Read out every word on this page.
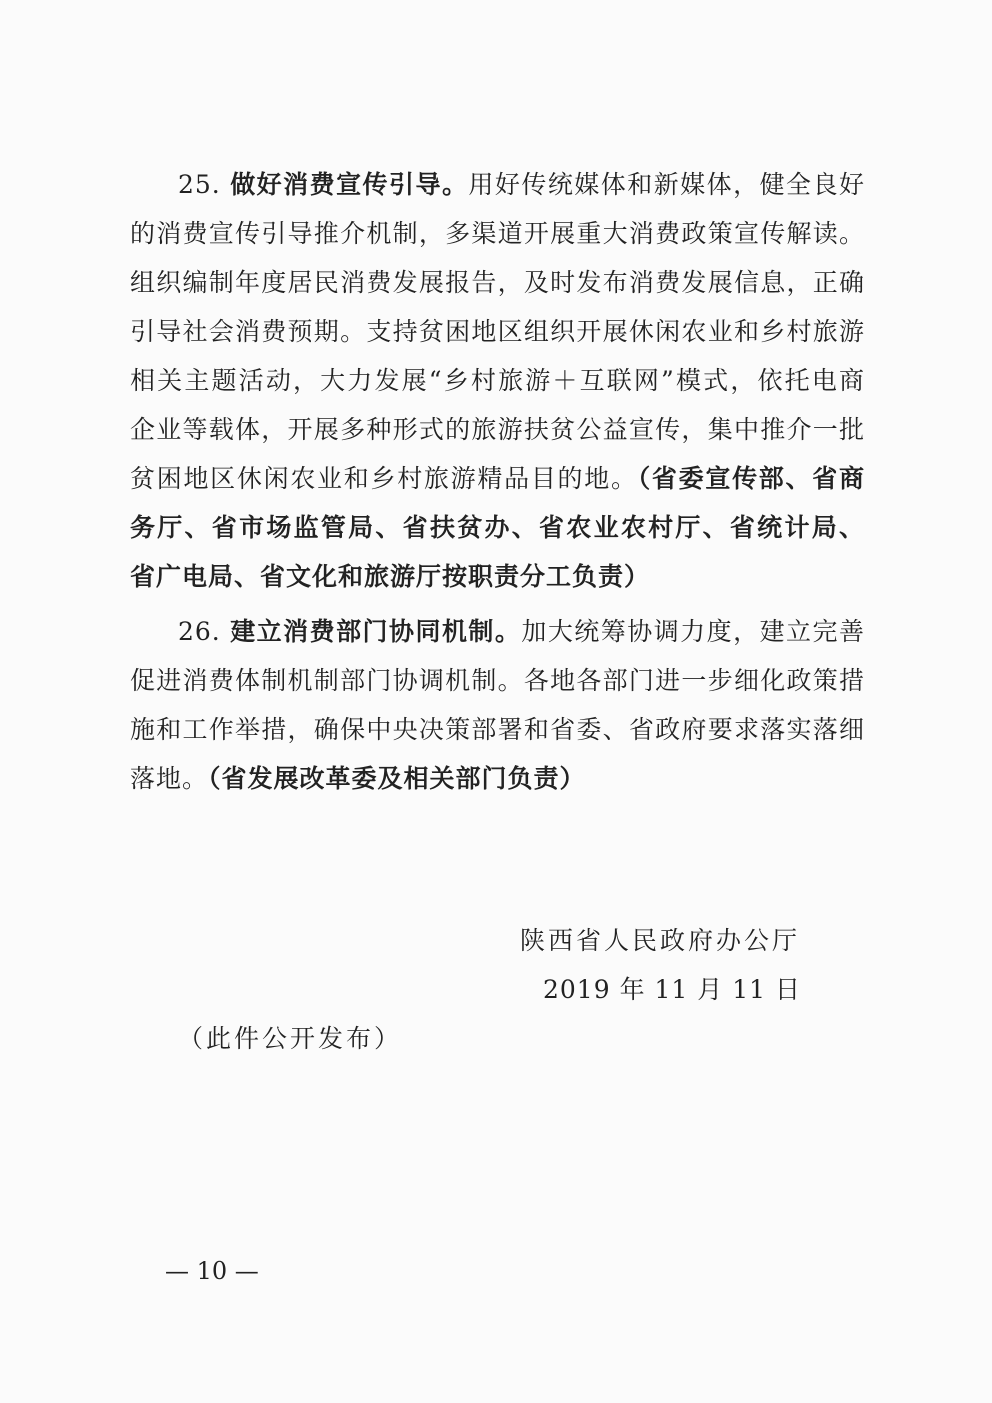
25. 做好消费宣传引导。用好传统媒体和新媒体，健全良好
的消费宣传引导推介机制，多渠道开展重大消费政策宣传解读。
组织编制年度居民消费发展报告，及时发布消费发展信息，正确
引导社会消费预期。支持贫困地区组织开展休闲农业和乡村旅游
相关主题活动，大力发展“乡村旅游＋互联网”模式，依托电商
企业等载体，开展多种形式的旅游扶贫公益宣传，集中推介一批
贫困地区休闲农业和乡村旅游精品目的地。（省委宣传部、省商
务厅、省市场监管局、省扶贫办、省农业农村厅、省统计局、
省广电局、省文化和旅游厅按职责分工负责）
26. 建立消费部门协同机制。加大统筹协调力度，建立完善
促进消费体制机制部门协调机制。各地各部门进一步细化政策措
施和工作举措，确保中央决策部署和省委、省政府要求落实落细
落地。（省发展改革委及相关部门负责）
陕西省人民政府办公厅
2019 年 11 月 11 日
（此件公开发布）
— 10 —
